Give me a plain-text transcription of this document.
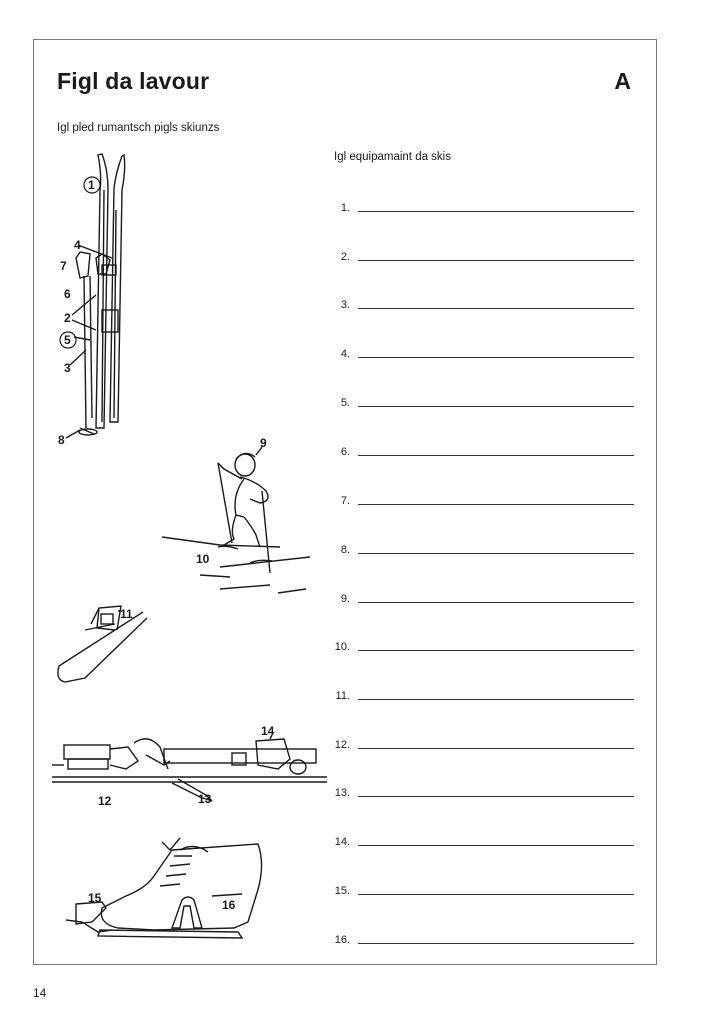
Figl da lavour	A
Igl pled rumantsch pigls skiunzs
Igl equipamaint da skis
1.
2.
3.
4.
5.
6.
7.
8.
9.
10.
11.
12.
13.
14.
15.
16.
1
4
7
6
2
5
3
8	9
10
11
14
12	13
15	16
14
